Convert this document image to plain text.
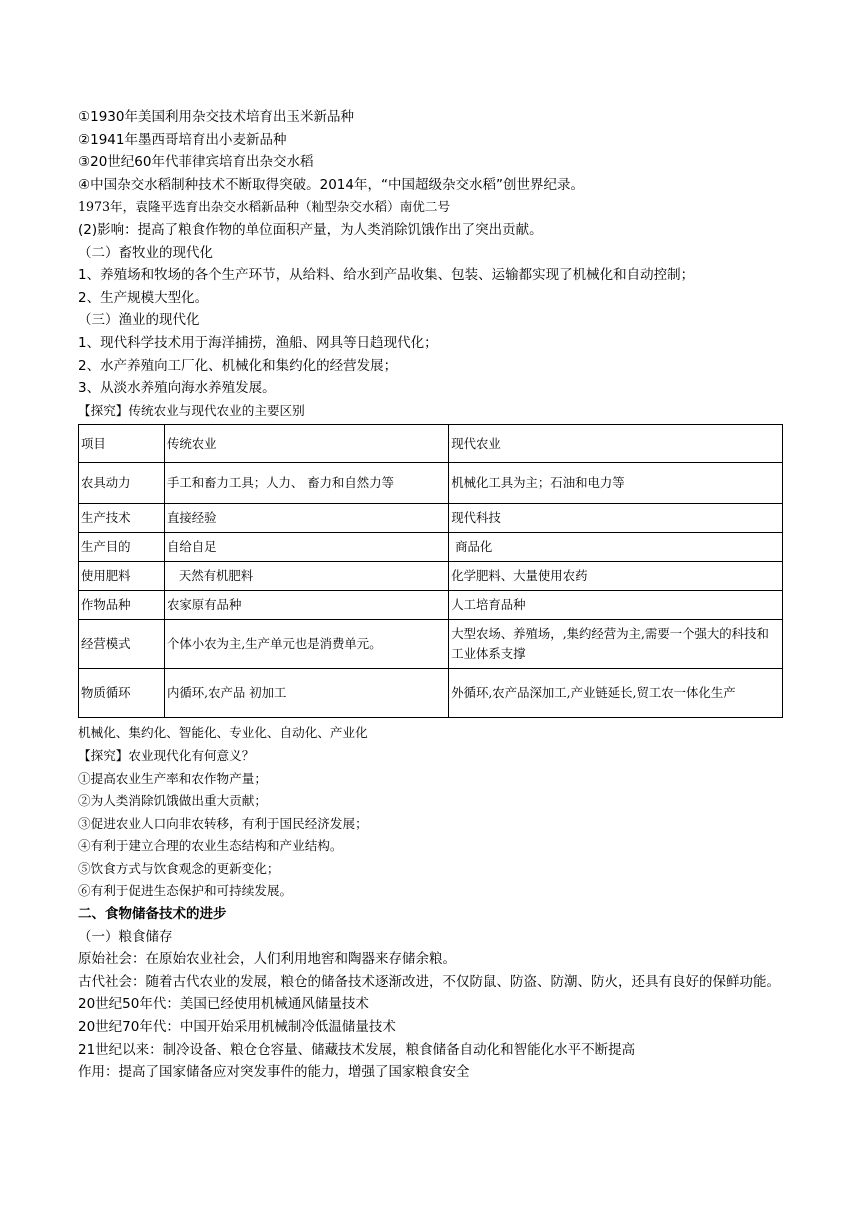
①1930年美国利用杂交技术培育出玉米新品种
②1941年墨西哥培育出小麦新品种
③20世纪60年代菲律宾培育出杂交水稻
④中国杂交水稻制种技术不断取得突破。2014年，“中国超级杂交水稻”创世界纪录。
1973年，袁隆平选育出杂交水稻新品种（籼型杂交水稻）南优二号
(2)影响：提高了粮食作物的单位面积产量，为人类消除饥饿作出了突出贡献。
（二）畜牧业的现代化
1、养殖场和牧场的各个生产环节，从给料、给水到产品收集、包装、运输都实现了机械化和自动控制；
2、生产规模大型化。
（三）渔业的现代化
1、现代科学技术用于海洋捕捞，渔船、网具等日趋现代化；
2、水产养殖向工厂化、机械化和集约化的经营发展；
3、从淡水养殖向海水养殖发展。
【探究】传统农业与现代农业的主要区别
项目	传统农业	现代农业
农具动力	手工和畜力工具；人力、 畜力和自然力等	机械化工具为主；石油和电力等
生产技术	直接经验	现代科技
生产目的	自给自足	商品化
使用肥料	天然有机肥料	化学肥料、大量使用农药
作物品种	农家原有品种	人工培育品种
经营模式	个体小农为主,生产单元也是消费单元。	大型农场、养殖场，,集约经营为主,需要一个强大的科技和工业体系支撑
物质循环	内循环,农产品 初加工	外循环,农产品深加工,产业链延长,贸工农一体化生产
机械化、集约化、智能化、专业化、自动化、产业化
【探究】农业现代化有何意义？
①提高农业生产率和农作物产量；
②为人类消除饥饿做出重大贡献；
③促进农业人口向非农转移，有利于国民经济发展；
④有利于建立合理的农业生态结构和产业结构。
⑤饮食方式与饮食观念的更新变化；
⑥有利于促进生态保护和可持续发展。
二、食物储备技术的进步
（一）粮食储存
原始社会：在原始农业社会，人们利用地窖和陶器来存储余粮。
古代社会：随着古代农业的发展，粮仓的储备技术逐渐改进，不仅防鼠、防盗、防潮、防火，还具有良好的保鲜功能。
20世纪50年代：美国已经使用机械通风储量技术
20世纪70年代：中国开始采用机械制冷低温储量技术
21世纪以来：制冷设备、粮仓仓容量、储藏技术发展，粮食储备自动化和智能化水平不断提高
作用：提高了国家储备应对突发事件的能力，增强了国家粮食安全
